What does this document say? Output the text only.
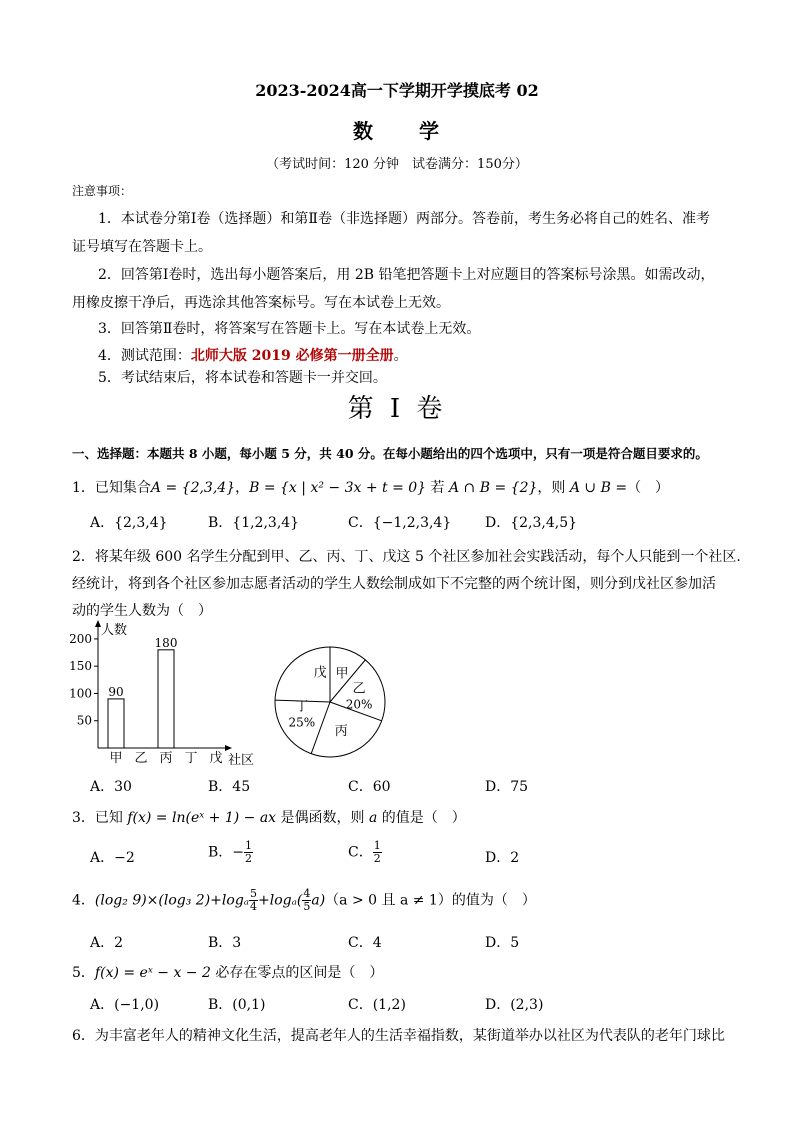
2023-2024高一下学期开学摸底考 02
数 学
（考试时间：120 分钟　试卷满分：150分）
注意事项：
1．本试卷分第Ⅰ卷（选择题）和第Ⅱ卷（非选择题）两部分。答卷前，考生务必将自己的姓名、准考
证号填写在答题卡上。
2．回答第Ⅰ卷时，选出每小题答案后，用 2B 铅笔把答题卡上对应题目的答案标号涂黑。如需改动，
用橡皮擦干净后，再选涂其他答案标号。写在本试卷上无效。
3．回答第Ⅱ卷时，将答案写在答题卡上。写在本试卷上无效。
4．测试范围：北师大版 2019 必修第一册全册。
5．考试结束后，将本试卷和答题卡一并交回。
第 I 卷
一、选择题：本题共 8 小题，每小题 5 分，共 40 分。在每小题给出的四个选项中，只有一项是符合题目要求的。
1．已知集合A = {2,3,4}，B = {x | x² − 3x + t = 0} 若 A ∩ B = {2}，则 A ∪ B =（　）
A．{2,3,4}	B．{1,2,3,4}	C．{−1,2,3,4} D．{2,3,4,5}
2．将某年级 600 名学生分配到甲、乙、丙、丁、戊这 5 个社区参加社会实践活动，每个人只能到一个社区.
经统计，将到各个社区参加志愿者活动的学生人数绘制成如下不完整的两个统计图，则分到戊社区参加活
动的学生人数为（　）
人数
社区
50
100
150
200
甲
90
乙 丙
180
丁 戊
戊 甲
乙
20%
丙
丁
25%
A．30	B．45	C．60	D．75
3．已知 f(x) = ln(eˣ + 1) − ax 是偶函数，则 a 的值是（　）
A．−2	B．− $\frac{1}{2}$	C． $\frac{1}{2}$	D．2
4．(log₂ 9)×(log₃ $2)+\log_a \frac{5}{4} +\log_a( \frac{4}{5} a)(a > 0$ 且 a ≠ 1）的值为（　）
A．2	B．3	C．4	D．5
5．f(x) = eˣ − x − 2 必存在零点的区间是（　）
A．(−1,0)	B．(0,1)	C．(1,2)	D．(2,3)
6．为丰富老年人的精神文化生活，提高老年人的生活幸福指数，某街道举办以社区为代表队的老年门球比
